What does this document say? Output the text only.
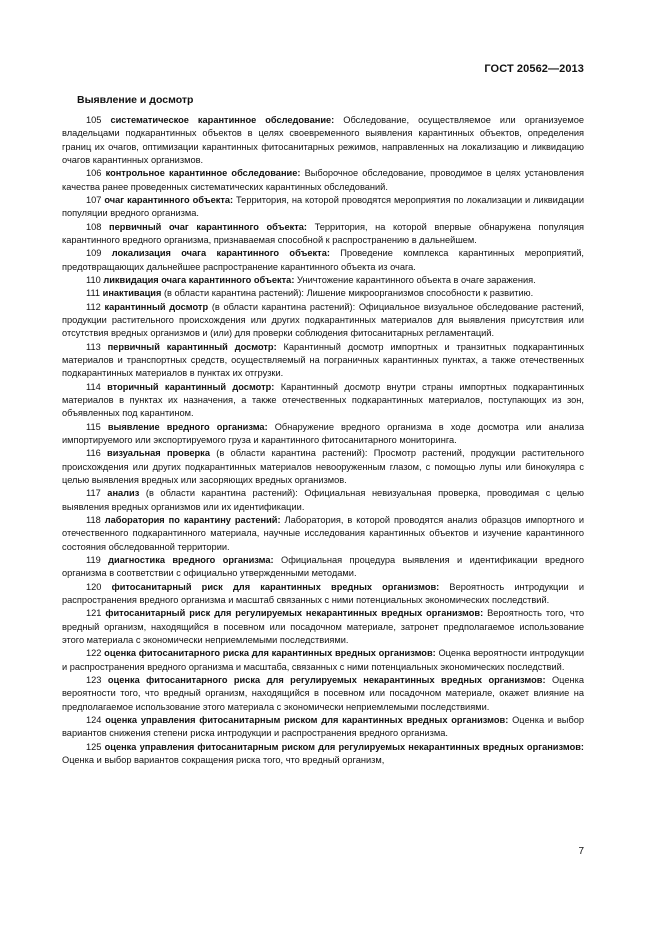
ГОСТ 20562—2013
Выявление и досмотр

105 систематическое карантинное обследование: Обследование, осуществляемое или организуемое владельцами подкарантинных объектов в целях своевременного выявления карантинных объектов, определения границ их очагов, оптимизации карантинных фитосанитарных режимов, направленных на локализацию и ликвидацию очагов карантинных организмов.

106 контрольное карантинное обследование: Выборочное обследование, проводимое в целях установления качества ранее проведенных систематических карантинных обследований.

107 очаг карантинного объекта: Территория, на которой проводятся мероприятия по локализации и ликвидации популяции вредного организма.

108 первичный очаг карантинного объекта: Территория, на которой впервые обнаружена популяция карантинного вредного организма, признаваемая способной к распространению в дальнейшем.

109 локализация очага карантинного объекта: Проведение комплекса карантинных мероприятий, предотвращающих дальнейшее распространение карантинного объекта из очага.

110 ликвидация очага карантинного объекта: Уничтожение карантинного объекта в очаге заражения.

111 инактивация (в области карантина растений): Лишение микроорганизмов способности к развитию.

112 карантинный досмотр (в области карантина растений): Официальное визуальное обследование растений, продукции растительного происхождения или других подкарантинных материалов для выявления присутствия или отсутствия вредных организмов и (или) для проверки соблюдения фитосанитарных регламентаций.

113 первичный карантинный досмотр: Карантинный досмотр импортных и транзитных подкарантинных материалов и транспортных средств, осуществляемый на пограничных карантинных пунктах, а также отечественных подкарантинных материалов в пунктах их отгрузки.

114 вторичный карантинный досмотр: Карантинный досмотр внутри страны импортных подкарантинных материалов в пунктах их назначения, а также отечественных подкарантинных материалов, поступающих из зон, объявленных под карантином.

115 выявление вредного организма: Обнаружение вредного организма в ходе досмотра или анализа импортируемого или экспортируемого груза и карантинного фитосанитарного мониторинга.

116 визуальная проверка (в области карантина растений): Просмотр растений, продукции растительного происхождения или других подкарантинных материалов невооруженным глазом, с помощью лупы или бинокуляра с целью выявления вредных или засоряющих вредных организмов.

117 анализ (в области карантина растений): Официальная невизуальная проверка, проводимая с целью выявления вредных организмов или их идентификации.

118 лаборатория по карантину растений: Лаборатория, в которой проводятся анализ образцов импортного и отечественного подкарантинного материала, научные исследования карантинных объектов и изучение карантинного состояния обследованной территории.

119 диагностика вредного организма: Официальная процедура выявления и идентификации вредного организма в соответствии с официально утвержденными методами.

120 фитосанитарный риск для карантинных вредных организмов: Вероятность интродукции и распространения вредного организма и масштаб связанных с ними потенциальных экономических последствий.

121 фитосанитарный риск для регулируемых некарантинных вредных организмов: Вероятность того, что вредный организм, находящийся в посевном или посадочном материале, затронет предполагаемое использование этого материала с экономически неприемлемыми последствиями.

122 оценка фитосанитарного риска для карантинных вредных организмов: Оценка вероятности интродукции и распространения вредного организма и масштаба, связанных с ними потенциальных экономических последствий.

123 оценка фитосанитарного риска для регулируемых некарантинных вредных организмов: Оценка вероятности того, что вредный организм, находящийся в посевном или посадочном материале, окажет влияние на предполагаемое использование этого материала с экономически неприемлемыми последствиями.

124 оценка управления фитосанитарным риском для карантинных вредных организмов: Оценка и выбор вариантов снижения степени риска интродукции и распространения вредного организма.

125 оценка управления фитосанитарным риском для регулируемых некарантинных вредных организмов: Оценка и выбор вариантов сокращения риска того, что вредный организм,

7
